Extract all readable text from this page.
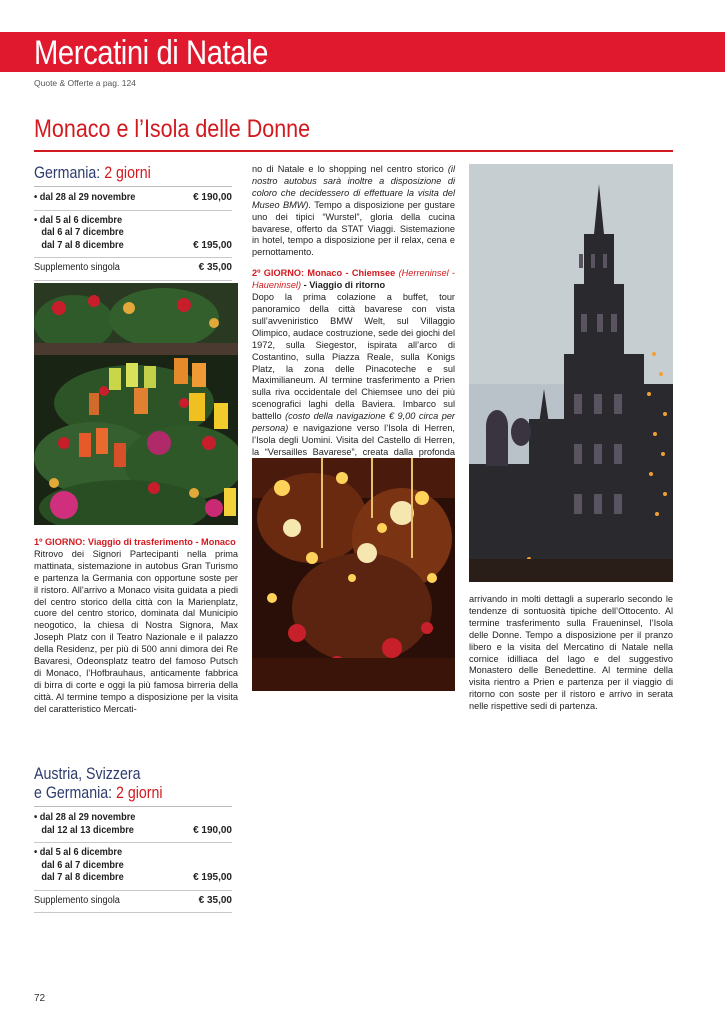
Mercatini di Natale
Quote & Offerte a pag. 124
Monaco e l’Isola delle Donne
Germania: 2 giorni
• dal 28 al 29 novembre	€ 190,00
• dal 5 al 6 dicembre
dal 6 al 7 dicembre
dal 7 al 8 dicembre	€ 195,00
Supplemento singola	€ 35,00
1º GIORNO: Viaggio di trasferimento - Monaco
Ritrovo dei Signori Partecipanti nella prima mattinata, sistemazione in autobus Gran Turismo e partenza la Germania con opportune soste per il ristoro. All’arrivo a Monaco visita guidata a piedi del centro storico della città con la Marienplatz, cuore del centro storico, dominata dal Municipio neogotico, la chiesa di Nostra Signora, Max Joseph Platz con il Teatro Nazionale e il palazzo della Residenz, per più di 500 anni dimora dei Re Bavaresi, Odeonsplatz teatro del famoso Putsch di Monaco, l’Hofbrauhaus, anticamente fabbrica di birra di corte e oggi la più famosa birreria della città. Al termine tempo a disposizione per la visita del caratteristico Mercati-
Austria, Svizzera
e Germania: 2 giorni
• dal 28 al 29 novembre
dal 12 al 13 dicembre	€ 190,00
• dal 5 al 6 dicembre
dal 6 al 7 dicembre
dal 7 al 8 dicembre	€ 195,00
Supplemento singola	€ 35,00
no di Natale e lo shopping nel centro storico (il nostro autobus sarà inoltre a disposizione di coloro che decidessero di effettuare la visita del Museo BMW). Tempo a disposizione per gustare uno dei tipici “Wurstel”, gloria della cucina bavarese, offerto da STAT Viaggi. Sistemazione in hotel, tempo a disposizione per il relax, cena e pernottamento.
2º GIORNO: Monaco - Chiemsee (Herreninsel - Haueninsel) - Viaggio di ritorno
Dopo la prima colazione a buffet, tour panoramico della città bavarese con vista sull’avveniristico BMW Welt, sul Villaggio Olimpico, audace costruzione, sede dei giochi del 1972, sulla Siegestor, ispirata all’arco di Costantino, sulla Piazza Reale, sulla Konigs Platz, la zona delle Pinacoteche e sul Maximilianeum. Al termine trasferimento a Prien sulla riva occidentale del Chiemsee uno dei più scenografici laghi della Baviera. Imbarco sul battello (costo della navigazione € 9,00 circa per persona) e navigazione verso l’Isola di Herren, l’Isola degli Uomini. Visita del Castello di Herren, la “Versailles Bavarese”, creata dalla profonda
arrivando in molti dettagli a superarlo secondo le tendenze di sontuosità tipiche dell’Ottocento. Al termine trasferimento sulla Fraueninsel, l’Isola delle Donne. Tempo a disposizione per il pranzo libero e la visita del Mercatino di Natale nella cornice idilliaca del lago e del suggestivo Monastero delle Benedettine. Al termine della visita rientro a Prien e partenza per il viaggio di ritorno con soste per il ristoro e arrivo in serata nelle rispettive sedi di partenza.
72
